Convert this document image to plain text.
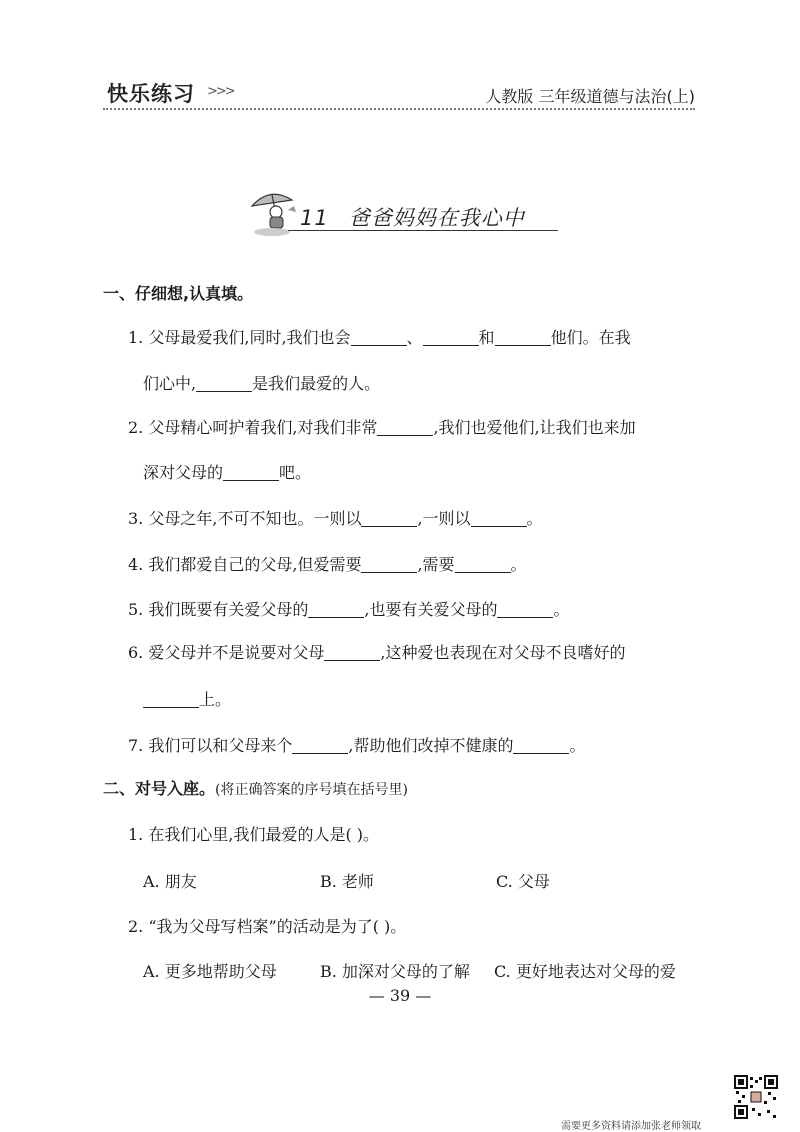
快乐练习 >>>	人教版 三年级道德与法治(上)
11 爸爸妈妈在我心中
一、仔细想,认真填。
1. 父母最爱我们,同时,我们也会	、	和	他们。在我
们心中,	是我们最爱的人。
2. 父母精心呵护着我们,对我们非常	,我们也爱他们,让我们也来加
深对父母的	吧。
3. 父母之年,不可不知也。一则以	,一则以	。
4. 我们都爱自己的父母,但爱需要	,需要	。
5. 我们既要有关爱父母的	,也要有关爱父母的	。
6. 爱父母并不是说要对父母	,这种爱也表现在对父母不良嗜好的
上。
7. 我们可以和父母来个	,帮助他们改掉不健康的	。
二、对号入座。(将正确答案的序号填在括号里)
1. 在我们心里,我们最爱的人是( )。
A. 朋友	B. 老师	C. 父母
2. “我为父母写档案”的活动是为了( )。
A. 更多地帮助父母	B. 加深对父母的了解 C. 更好地表达对父母的爱
— 39 —
需要更多资料请添加张老师领取
